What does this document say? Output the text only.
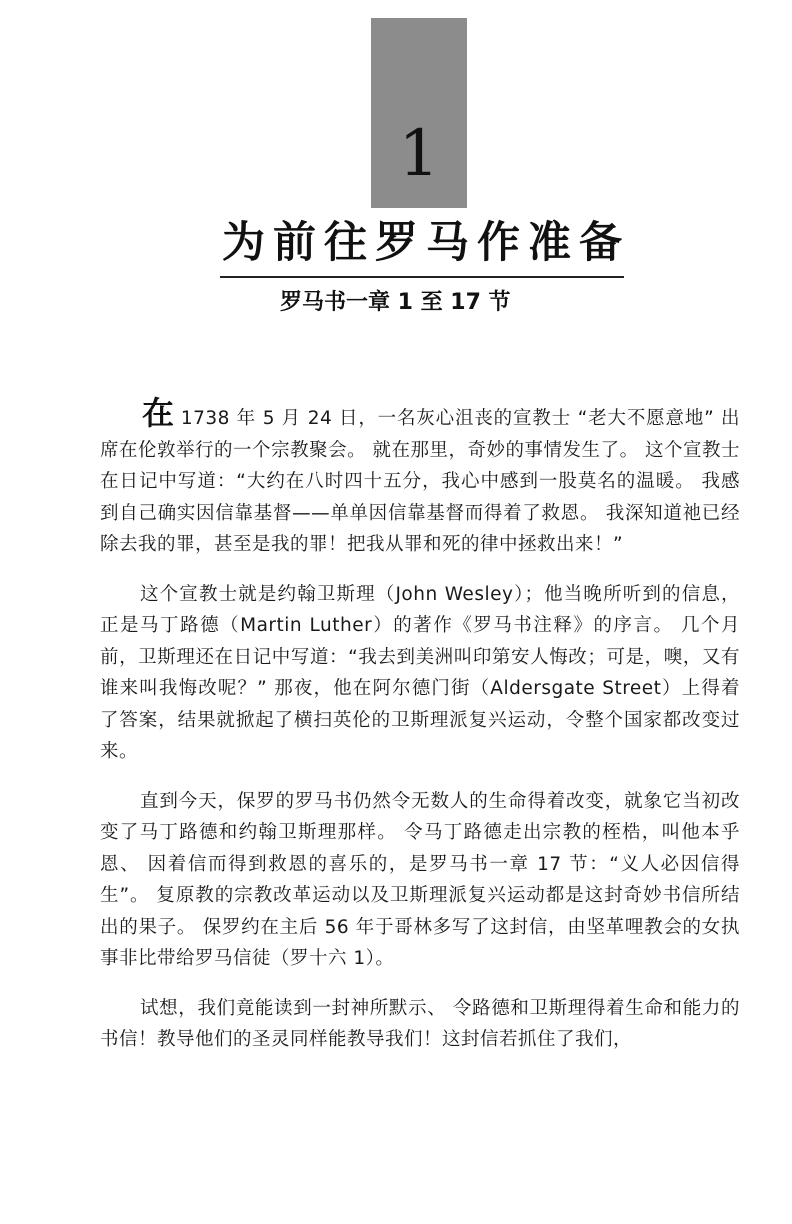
1
为前往罗马作准备
罗马书一章 1 至 17 节

在 1738 年 5 月 24 日，一名灰心沮丧的宣教士 “老大不愿意地” 出席在伦敦举行的一个宗教聚会。 就在那里，奇妙的事情发生了。 这个宣教士在日记中写道：“大约在八时四十五分，我心中感到一股莫名的温暖。 我感到自己确实因信靠基督——单单因信靠基督而得着了救恩。 我深知道祂已经除去我的罪，甚至是我的罪！把我从罪和死的律中拯救出来！”

这个宣教士就是约翰卫斯理（John Wesley）；他当晚所听到的信息，正是马丁路德（Martin Luther）的著作《罗马书注释》的序言。 几个月前，卫斯理还在日记中写道：“我去到美洲叫印第安人悔改；可是，噢，又有谁来叫我悔改呢？” 那夜，他在阿尔德门街（Aldersgate Street）上得着了答案，结果就掀起了横扫英伦的卫斯理派复兴运动，令整个国家都改变过来。

直到今天，保罗的罗马书仍然令无数人的生命得着改变，就象它当初改变了马丁路德和约翰卫斯理那样。 令马丁路德走出宗教的桎梏，叫他本乎恩、 因着信而得到救恩的喜乐的，是罗马书一章 17 节：“义人必因信得生”。 复原教的宗教改革运动以及卫斯理派复兴运动都是这封奇妙书信所结出的果子。 保罗约在主后 56 年于哥林多写了这封信，由坚革哩教会的女执事非比带给罗马信徒（罗十六 1）。

试想，我们竟能读到一封神所默示、 令路德和卫斯理得着生命和能力的书信！教导他们的圣灵同样能教导我们！这封信若抓住了我们，
